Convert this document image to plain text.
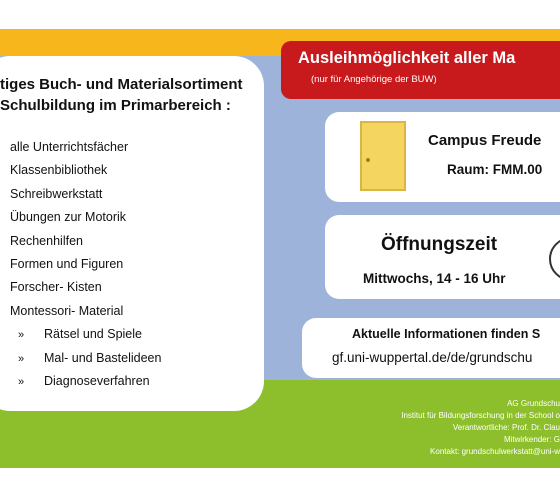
tiges Buch- und Materialsortiment
Schulbildung im Primarbereich :
alle Unterrichtsfächer
Klassenbibliothek
Schreibwerkstatt
Übungen zur Motorik
Rechenhilfen
Formen und Figuren
Forscher- Kisten
Montessori- Material
» Rätsel und Spiele
» Mal- und Bastelideen
» Diagnoseverfahren
Ausleihmöglichkeit aller Ma
(nur für Angehörige der BUW)
Campus Freude
Raum: FMM.00
Öffnungszeit
Mittwochs, 14 - 16 Uhr
Aktuelle Informationen finden S
gf.uni-wuppertal.de/de/grundschu
AG Grundschu
Institut für Bildungsforschung in der School o
Verantwortliche: Prof. Dr. Clau
Mitwirkender: G
Kontakt: grundschulwerkstatt@uni-w
